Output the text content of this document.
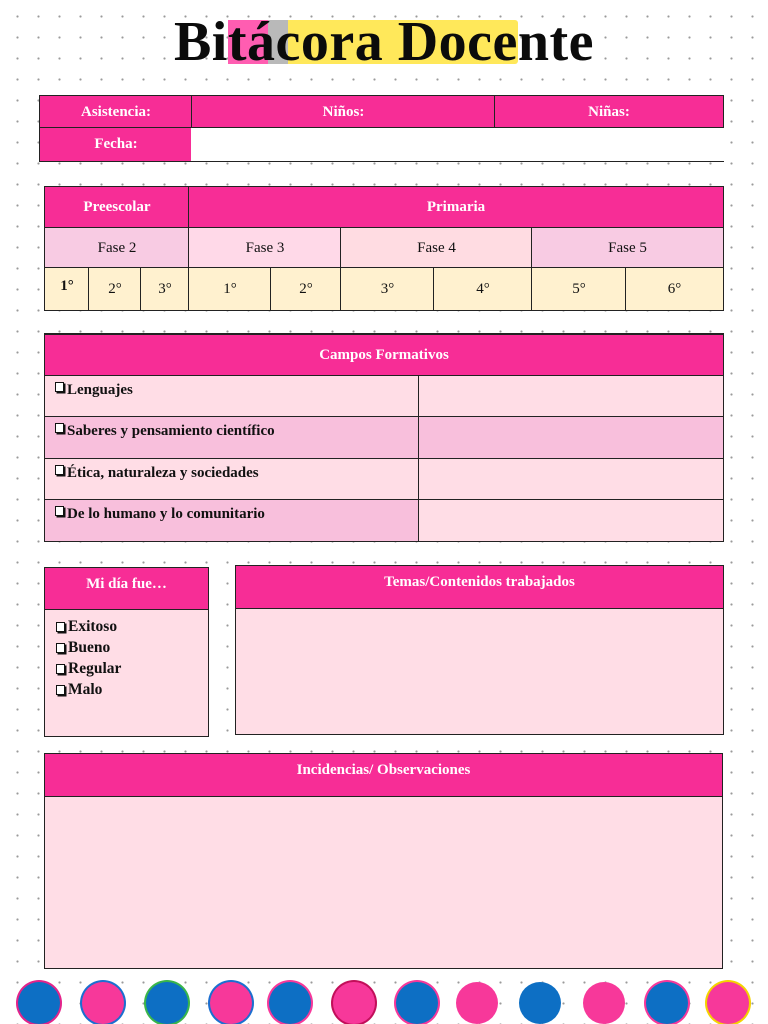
Bitácora Docente
Asistencia:	Niños:	Niñas:
Fecha:
Preescolar	Primaria
Fase 2	Fase 3	Fase 4	Fase 5
1°	2°	3°	1°	2°	3°	4°	5°	6°
Campos Formativos
Lenguajes
Saberes y pensamiento científico
Ética, naturaleza y sociedades
De lo humano y lo comunitario
Mi día fue…
Exitoso
Bueno
Regular
Malo
Temas/Contenidos trabajados
Incidencias/ Observaciones
